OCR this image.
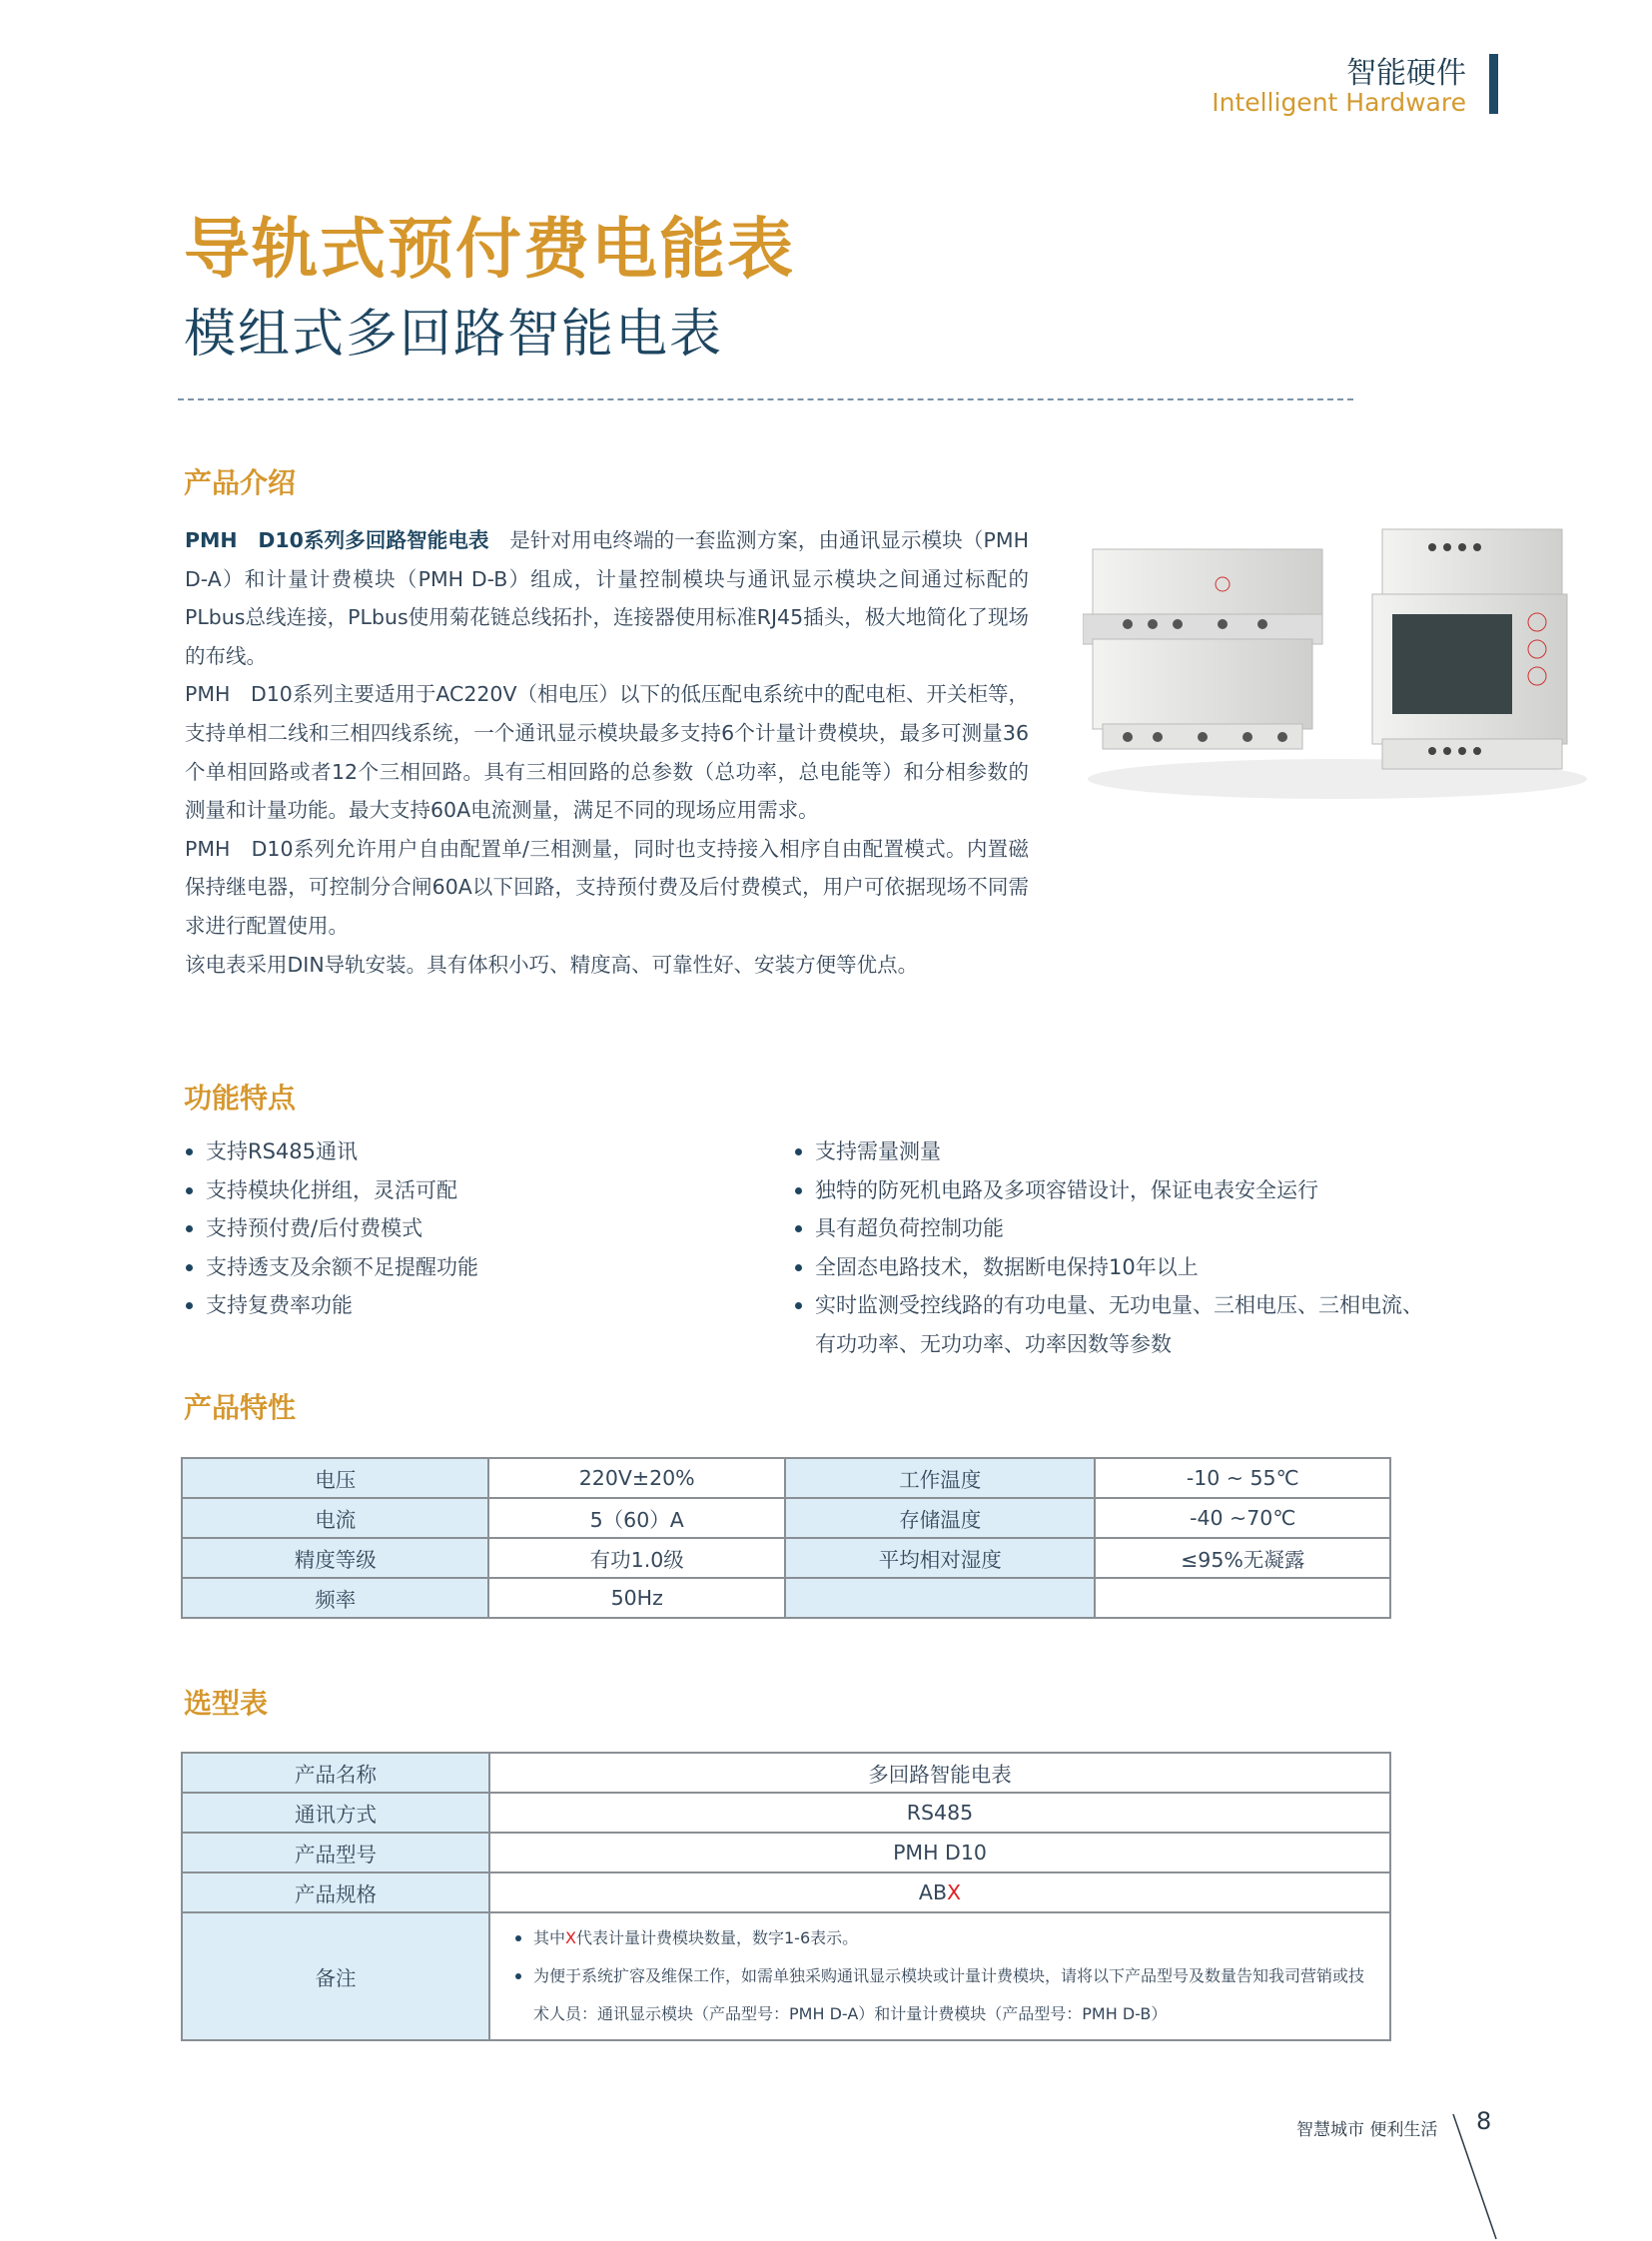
智能硬件
Intelligent Hardware
导轨式预付费电能表
模组式多回路智能电表
产品介绍

PMH　D10系列多回路智能电表　是针对用电终端的一套监测方案，由通讯显示模块（PMH D-A）和计量计费模块（PMH D-B）组成，计量控制模块与通讯显示模块之间通过标配的PLbus总线连接，PLbus使用菊花链总线拓扑，连接器使用标准RJ45插头，极大地简化了现场的布线。

PMH　D10系列主要适用于AC220V（相电压）以下的低压配电系统中的配电柜、开关柜等，支持单相二线和三相四线系统，一个通讯显示模块最多支持6个计量计费模块，最多可测量36个单相回路或者12个三相回路。具有三相回路的总参数（总功率，总电能等）和分相参数的测量和计量功能。最大支持60A电流测量，满足不同的现场应用需求。

PMH　D10系列允许用户自由配置单/三相测量，同时也支持接入相序自由配置模式。内置磁保持继电器，可控制分合闸60A以下回路，支持预付费及后付费模式，用户可依据现场不同需求进行配置使用。

该电表采用DIN导轨安装。具有体积小巧、精度高、可靠性好、安装方便等优点。

功能特点
支持RS485通讯
支持模块化拼组，灵活可配
支持预付费/后付费模式
支持透支及余额不足提醒功能
支持复费率功能
支持需量测量
独特的防死机电路及多项容错设计，保证电表安全运行
具有超负荷控制功能
全固态电路技术，数据断电保持10年以上
实时监测受控线路的有功电量、无功电量、三相电压、三相电流、有功功率、无功功率、功率因数等参数
产品特性
电压	220V±20%	工作温度	-10 ~ 55℃
电流	5（60）A	存储温度	-40 ~70℃
精度等级	有功1.0级	平均相对湿度	≤95%无凝露
频率	50Hz		
选型表
产品名称	多回路智能电表
通讯方式	RS485
产品型号	PMH D10
产品规格	ABX
备注	其中X代表计量计费模块数量，数字1-6表示。
为便于系统扩容及维保工作，如需单独采购通讯显示模块或计量计费模块，请将以下产品型号及数量告知我司营销或技术人员：通讯显示模块（产品型号：PMH D-A）和计量计费模块（产品型号：PMH D-B）
智慧城市 便利生活 8
